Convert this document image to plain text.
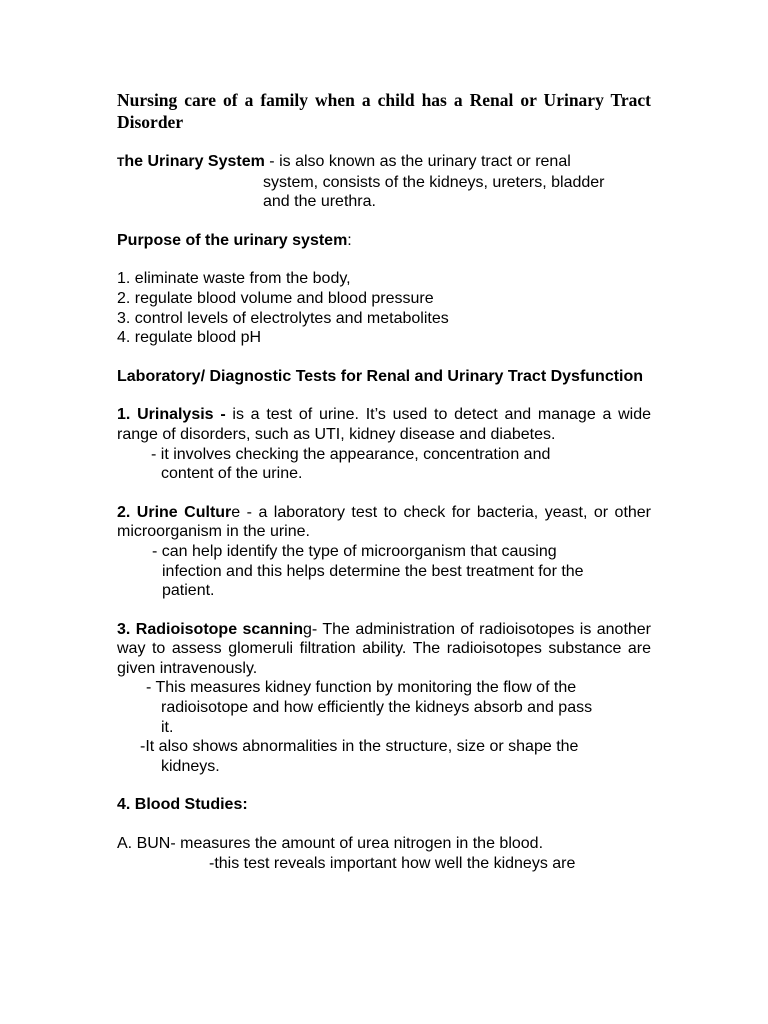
Nursing care of a family when a child has a Renal or Urinary Tract Disorder

The Urinary System - is also known as the urinary tract or renal

system, consists of the kidneys, ureters, bladder

and the urethra.

Purpose of the urinary system:

1. eliminate waste from the body,

2. regulate blood volume and blood pressure

3. control levels of electrolytes and metabolites

4. regulate blood pH

Laboratory/ Diagnostic Tests for Renal and Urinary Tract Dysfunction

1. Urinalysis - is a test of urine. It’s used to detect and manage a wide range of disorders, such as UTI, kidney disease and diabetes.

- it involves checking the appearance, concentration and
content of the urine.

2. Urine Culture - a laboratory test to check for bacteria, yeast, or other microorganism in the urine.

- can help identify the type of microorganism that causing
infection and this helps determine the best treatment for the
patient.

3. Radioisotope scanning- The administration of radioisotopes is another way to assess glomeruli filtration ability. The radioisotopes substance are given intravenously.

- This measures kidney function by monitoring the flow of the
radioisotope and how efficiently the kidneys absorb and pass
it.
-It also shows abnormalities in the structure, size or shape the
kidneys.

4. Blood Studies:

A. BUN- measures the amount of urea nitrogen in the blood.

-this test reveals important how well the kidneys are
